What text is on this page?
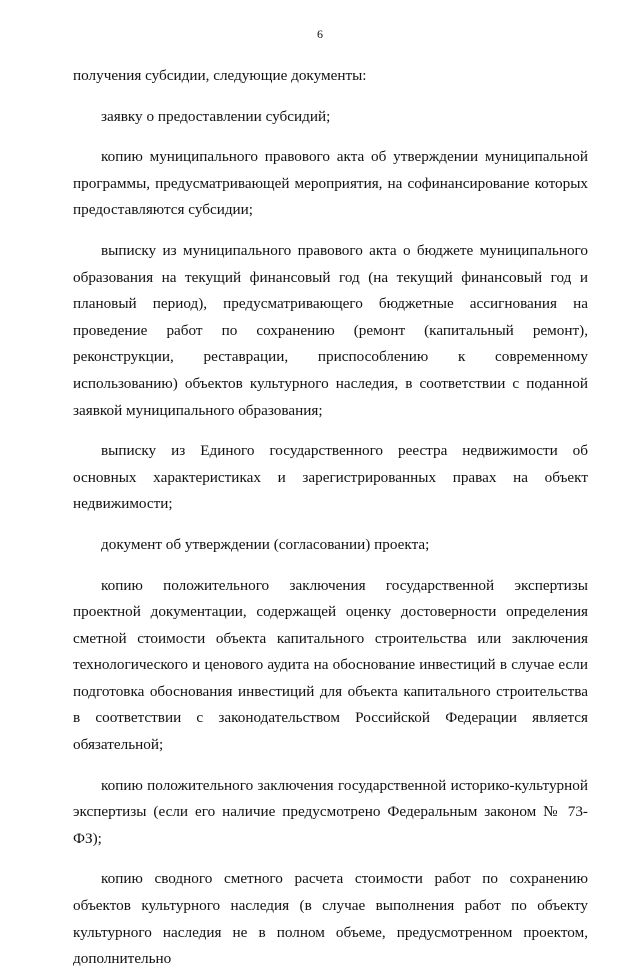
6

получения субсидии, следующие документы:

заявку о предоставлении субсидий;

копию муниципального правового акта об утверждении муниципальной программы, предусматривающей мероприятия, на софинансирование которых предоставляются субсидии;

выписку из муниципального правового акта о бюджете муниципального образования на текущий финансовый год (на текущий финансовый год и плановый период), предусматривающего бюджетные ассигнования на проведение работ по сохранению (ремонт (капитальный ремонт), реконструкции, реставрации, приспособлению к современному использованию) объектов культурного наследия, в соответствии с поданной заявкой муниципального образования;

выписку из Единого государственного реестра недвижимости об основных характеристиках и зарегистрированных правах на объект недвижимости;

документ об утверждении (согласовании) проекта;

копию положительного заключения государственной экспертизы проектной документации, содержащей оценку достоверности определения сметной стоимости объекта капитального строительства или заключения технологического и ценового аудита на обоснование инвестиций в случае если подготовка обоснования инвестиций для объекта капитального строительства в соответствии с законодательством Российской Федерации является обязательной;

копию положительного заключения государственной историко-культурной экспертизы (если его наличие предусмотрено Федеральным законом № 73-ФЗ);

копию сводного сметного расчета стоимости работ по сохранению объектов культурного наследия (в случае выполнения работ по объекту культурного наследия не в полном объеме, предусмотренном проектом, дополнительно
